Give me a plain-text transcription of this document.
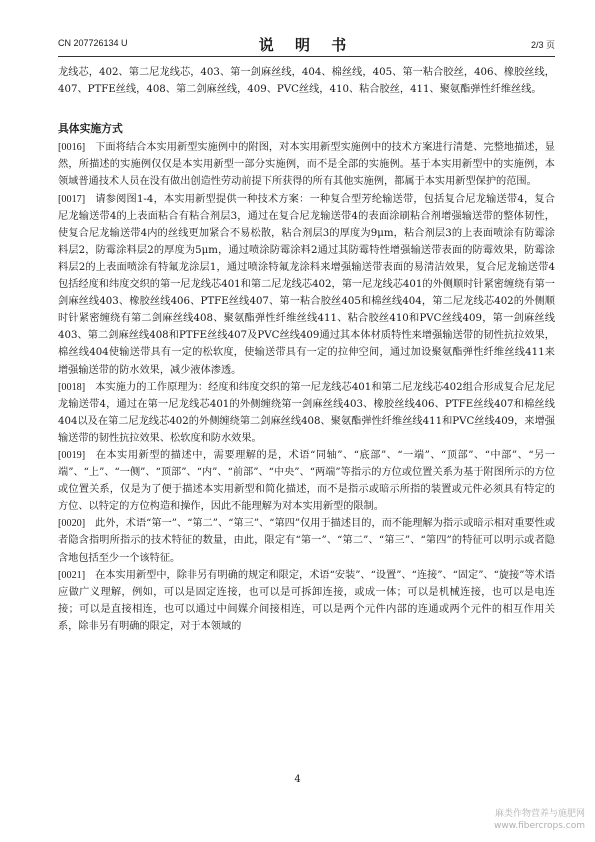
CN 207726134 U	说 明 书	2/3 页

龙线芯，402、第二尼龙线芯，403、第一剑麻丝线，404、棉丝线，405、第一粘合胶丝，406、橡胶丝线，407、PTFE丝线，408、第二剑麻丝线，409、PVC丝线，410、粘合胶丝，411、聚氨酯弹性纤维丝线。

具体实施方式

[0016] 下面将结合本实用新型实施例中的附图，对本实用新型实施例中的技术方案进行清楚、完整地描述，显然，所描述的实施例仅仅是本实用新型一部分实施例，而不是全部的实施例。基于本实用新型中的实施例，本领域普通技术人员在没有做出创造性劳动前提下所获得的所有其他实施例，都属于本实用新型保护的范围。

[0017] 请参阅图1-4，本实用新型提供一种技术方案：一种复合型芳纶输送带，包括复合尼龙输送带4，复合尼龙输送带4的上表面粘合有粘合剂层3，通过在复合尼龙输送带4的表面涂刷粘合剂增强输送带的整体韧性，使复合尼龙输送带4内的丝线更加紧合不易松散，粘合剂层3的厚度为9μm，粘合剂层3的上表面喷涂有防霉涂料层2，防霉涂料层2的厚度为5μm，通过喷涂防霉涂料2通过其防霉特性增强输送带表面的防霉效果，防霉涂料层2的上表面喷涂有特氟龙涂层1，通过喷涂特氟龙涂料来增强输送带表面的易清洁效果，复合尼龙输送带4包括经度和纬度交织的第一尼龙线芯401和第二尼龙线芯402，第一尼龙线芯401的外侧顺时针紧密缠绕有第一剑麻丝线403、橡胶丝线406、PTFE丝线407、第一粘合胶丝405和棉丝线404，第二尼龙线芯402的外侧顺时针紧密缠绕有第二剑麻丝线408、聚氨酯弹性纤维丝线411、粘合胶丝410和PVC丝线409，第一剑麻丝线403、第二剑麻丝线408和PTFE丝线407及PVC丝线409通过其本体材质特性来增强输送带的韧性抗拉效果，棉丝线404使输送带具有一定的松软度，使输送带具有一定的拉伸空间，通过加设聚氨酯弹性纤维丝线411来增强输送带的防水效果，减少液体渗透。

[0018] 本实施力的工作原理为：经度和纬度交织的第一尼龙线芯401和第二尼龙线芯402组合形成复合尼龙尼龙输送带4，通过在第一尼龙线芯401的外侧缠绕第一剑麻丝线403、橡胶丝线406、PTFE丝线407和棉丝线404以及在第二尼龙线芯402的外侧缠绕第二剑麻丝线408、聚氨酯弹性纤维丝线411和PVC丝线409，来增强输送带的韧性抗拉效果、松软度和防水效果。

[0019] 在本实用新型的描述中，需要理解的是，术语“同轴”、“底部”、“一端”、“顶部”、“中部”、“另一端”、“上”、“一侧”、“顶部”、“内”、“前部”、“中央”、“两端”等指示的方位或位置关系为基于附图所示的方位或位置关系，仅是为了便于描述本实用新型和简化描述，而不是指示或暗示所指的装置或元件必须具有特定的方位、以特定的方位构造和操作，因此不能理解为对本实用新型的限制。

[0020] 此外，术语“第一”、“第二”、“第三”、“第四”仅用于描述目的，而不能理解为指示或暗示相对重要性或者隐含指明所指示的技术特征的数量，由此，限定有“第一”、“第二”、“第三”、“第四”的特征可以明示或者隐含地包括至少一个该特征。

[0021] 在本实用新型中，除非另有明确的规定和限定，术语“安装”、“设置”、“连接”、“固定”、“旋接”等术语应做广义理解，例如，可以是固定连接，也可以是可拆卸连接，或成一体；可以是机械连接，也可以是电连接；可以是直接相连，也可以通过中间媒介间接相连，可以是两个元件内部的连通或两个元件的相互作用关系，除非另有明确的限定，对于本领域的

4
麻类作物营养与施肥网
www.fibercrops.com
